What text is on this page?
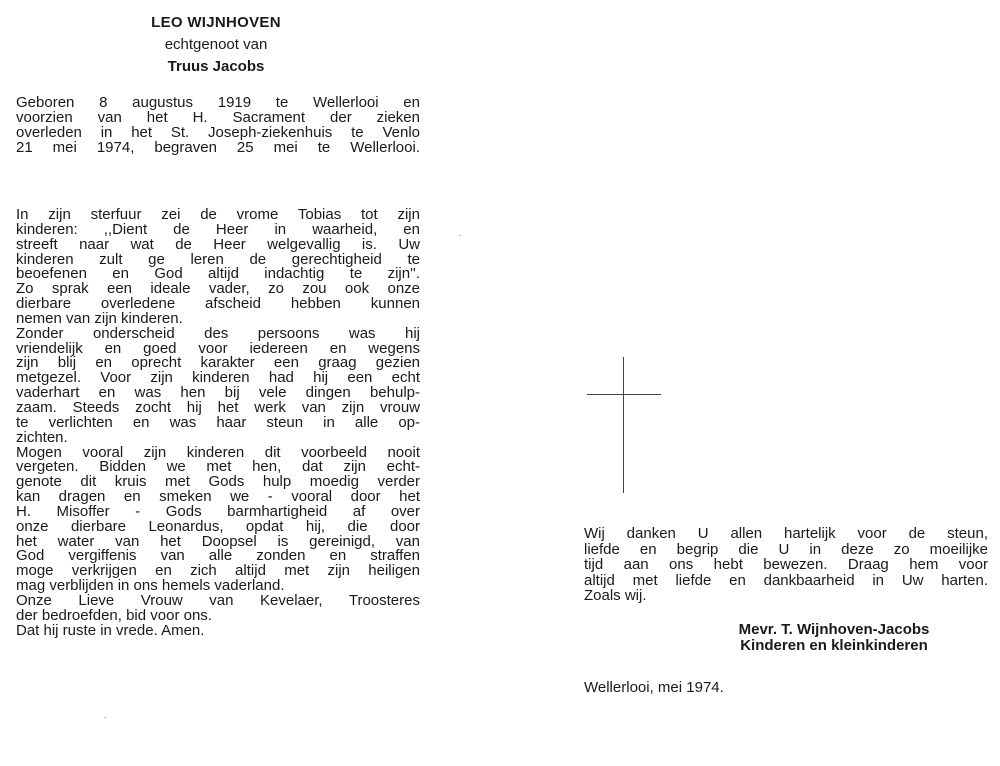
LEO WIJNHOVEN
echtgenoot van
Truus Jacobs
Geboren 8 augustus 1919 te Wellerlooi en
voorzien van het H. Sacrament der zieken
overleden in het St. Joseph-ziekenhuis te Venlo
21 mei 1974, begraven 25 mei te Wellerlooi.
In zijn sterfuur zei de vrome Tobias tot zijn
kinderen: ,,Dient de Heer in waarheid, en
streeft naar wat de Heer welgevallig is. Uw
kinderen zult ge leren de gerechtigheid te
beoefenen en God altijd indachtig te zijn''.
Zo sprak een ideale vader, zo zou ook onze
dierbare overledene afscheid hebben kunnen
nemen van zijn kinderen.
Zonder onderscheid des persoons was hij
vriendelijk en goed voor iedereen en wegens
zijn blij en oprecht karakter een graag gezien
metgezel. Voor zijn kinderen had hij een echt
vaderhart en was hen bij vele dingen behulp-
zaam. Steeds zocht hij het werk van zijn vrouw
te verlichten en was haar steun in alle op-
zichten.
Mogen vooral zijn kinderen dit voorbeeld nooit
vergeten. Bidden we met hen, dat zijn echt-
genote dit kruis met Gods hulp moedig verder
kan dragen en smeken we - vooral door het
H. Misoffer - Gods barmhartigheid af over
onze dierbare Leonardus, opdat hij, die door
het water van het Doopsel is gereinigd, van
God vergiffenis van alle zonden en straffen
moge verkrijgen en zich altijd met zijn heiligen
mag verblijden in ons hemels vaderland.
Onze Lieve Vrouw van Kevelaer, Troosteres
der bedroefden, bid voor ons.
Dat hij ruste in vrede. Amen.
Wij danken U allen hartelijk voor de steun,
liefde en begrip die U in deze zo moeilijke
tijd aan ons hebt bewezen. Draag hem voor
altijd met liefde en dankbaarheid in Uw harten.
Zoals wij.
Mevr. T. Wijnhoven-Jacobs
Kinderen en kleinkinderen
Wellerlooi, mei 1974.
